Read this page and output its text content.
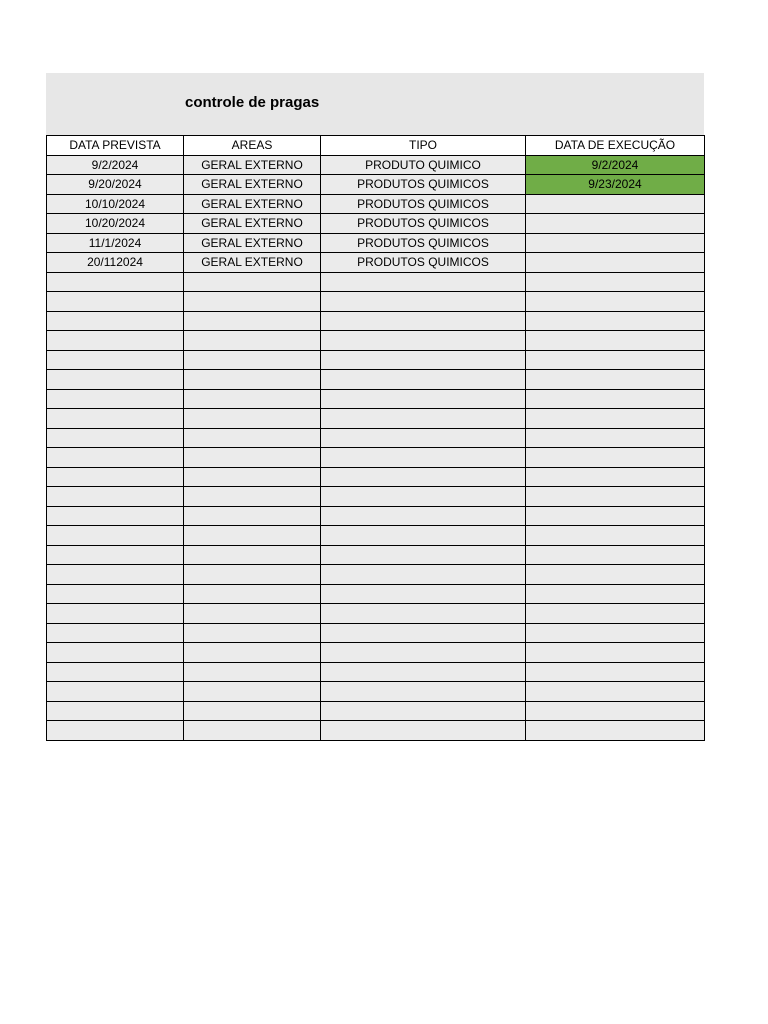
controle de pragas
DATA PREVISTA	AREAS	TIPO	DATA DE EXECUÇÃO
9/2/2024	GERAL EXTERNO	PRODUTO QUIMICO	9/2/2024
9/20/2024	GERAL EXTERNO	PRODUTOS QUIMICOS	9/23/2024
10/10/2024	GERAL EXTERNO	PRODUTOS QUIMICOS	
10/20/2024	GERAL EXTERNO	PRODUTOS QUIMICOS	
11/1/2024	GERAL EXTERNO	PRODUTOS QUIMICOS	
20/112024	GERAL EXTERNO	PRODUTOS QUIMICOS	
